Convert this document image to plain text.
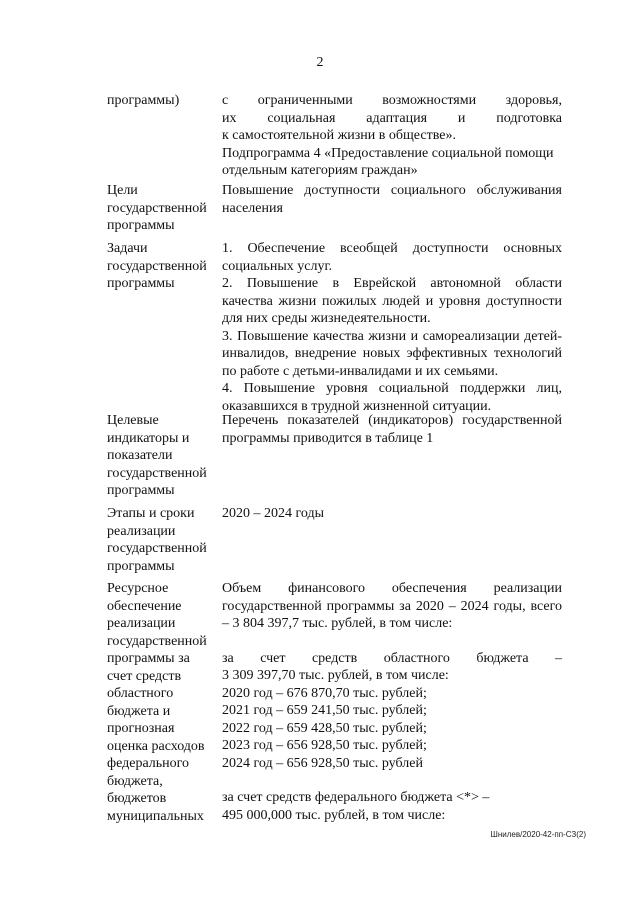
2
программы)	с ограниченными возможностями здоровья,

их социальная адаптация и подготовка

к самостоятельной жизни в обществе».

Подпрограмма 4 «Предоставление социальной помощи

отдельным категориям граждан»

Цели государственной программы

Повышение доступности социального обслуживания населения

Задачи государственной программы

1. Обеспечение всеобщей доступности основных социальных услуг.

2. Повышение в Еврейской автономной области качества жизни пожилых людей и уровня доступности для них среды жизнедеятельности.

3. Повышение качества жизни и самореализации детей-инвалидов, внедрение новых эффективных технологий по работе с детьми-инвалидами и их семьями.

4. Повышение уровня социальной поддержки лиц, оказавшихся в трудной жизненной ситуации.

Целевые индикаторы и показатели государственной программы

Перечень показателей (индикаторов) государственной программы приводится в таблице 1

Этапы и сроки реализации государственной программы

2020 – 2024 годы

Ресурсное обеспечение реализации государственной программы за счет средств областного бюджета и прогнозная оценка расходов федерального бюджета, бюджетов муниципальных

Объем финансового обеспечения реализации государственной программы за 2020 – 2024 годы, всего – 3 804 397,7 тыс. рублей, в том числе:

за счет средств областного бюджета –

3 309 397,70 тыс. рублей, в том числе:

2020 год – 676 870,70 тыс. рублей;

2021 год – 659 241,50 тыс. рублей;

2022 год – 659 428,50 тыс. рублей;

2023 год – 656 928,50 тыс. рублей;

2024 год – 656 928,50 тыс. рублей

за счет средств федерального бюджета <*> –

495 000,000 тыс. рублей, в том числе:

Шнилев/2020-42-пп-СЗ(2)
